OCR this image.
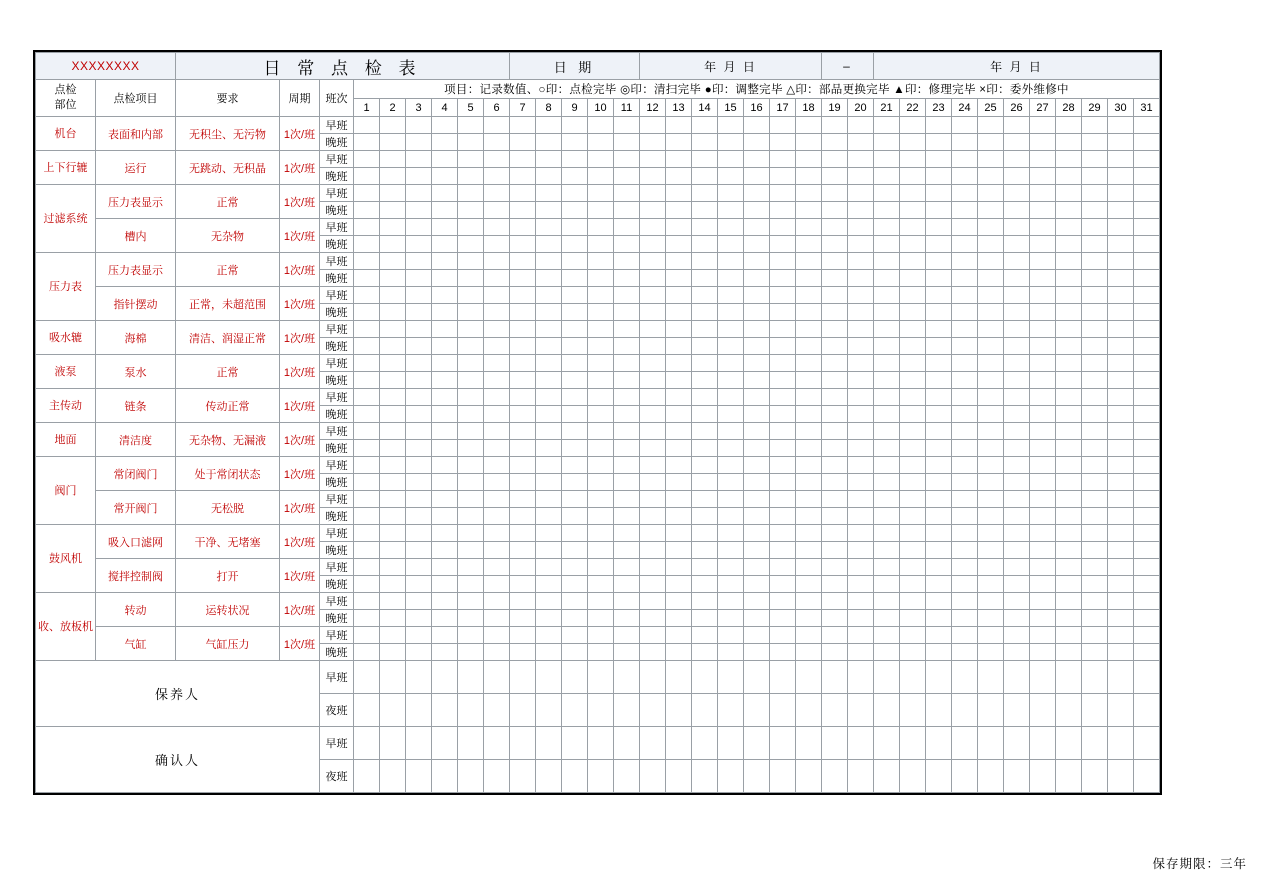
XXXXXXXX		日 常 点 检 表									日 期					年 月 日							–		年 月 日										
点检
部位	点检项目	要求	周期	班次	项目：记录数值、○印：点检完毕 ◎印：清扫完毕 ●印：调整完毕 △印：部品更换完毕 ▲印：修理完毕 ×印：委外维修中																														
					1	2	3	4	5	6	7	8	9	10	11	12	13	14	15	16	17	18	19	20	21	22	23	24	25	26	27	28	29	30	31
机台	表面和内部	无积尘、无污物	1次/班	早班																															
				晚班																															
上下行辘	运行	无跳动、无积晶	1次/班	早班																															
				晚班																															
过滤系统	压力表显示	正常	1次/班	早班																															
				晚班																															
	槽内	无杂物	1次/班	早班																															
				晚班																															
压力表	压力表显示	正常	1次/班	早班																															
				晚班																															
	指针摆动	正常，未超范围	1次/班	早班																															
				晚班																															
吸水辘	海棉	清洁、润湿正常	1次/班	早班																															
				晚班																															
液泵	泵水	正常	1次/班	早班																															
				晚班																															
主传动	链条	传动正常	1次/班	早班																															
				晚班																															
地面	清洁度	无杂物、无漏液	1次/班	早班																															
				晚班																															
阀门	常闭阀门	处于常闭状态	1次/班	早班																															
				晚班																															
	常开阀门	无松脱	1次/班	早班																															
				晚班																															
鼓风机	吸入口滤网	干净、无堵塞	1次/班	早班																															
				晚班																															
	搅拌控制阀	打开	1次/班	早班																															
				晚班																															
收、放板机	转动	运转状况	1次/班	早班																															
				晚班																															
	气缸	气缸压力	1次/班	早班																															
				晚班																															
保养人				早班																															
				夜班																															
确认人				早班																															
				夜班																															
保存期限：三年
